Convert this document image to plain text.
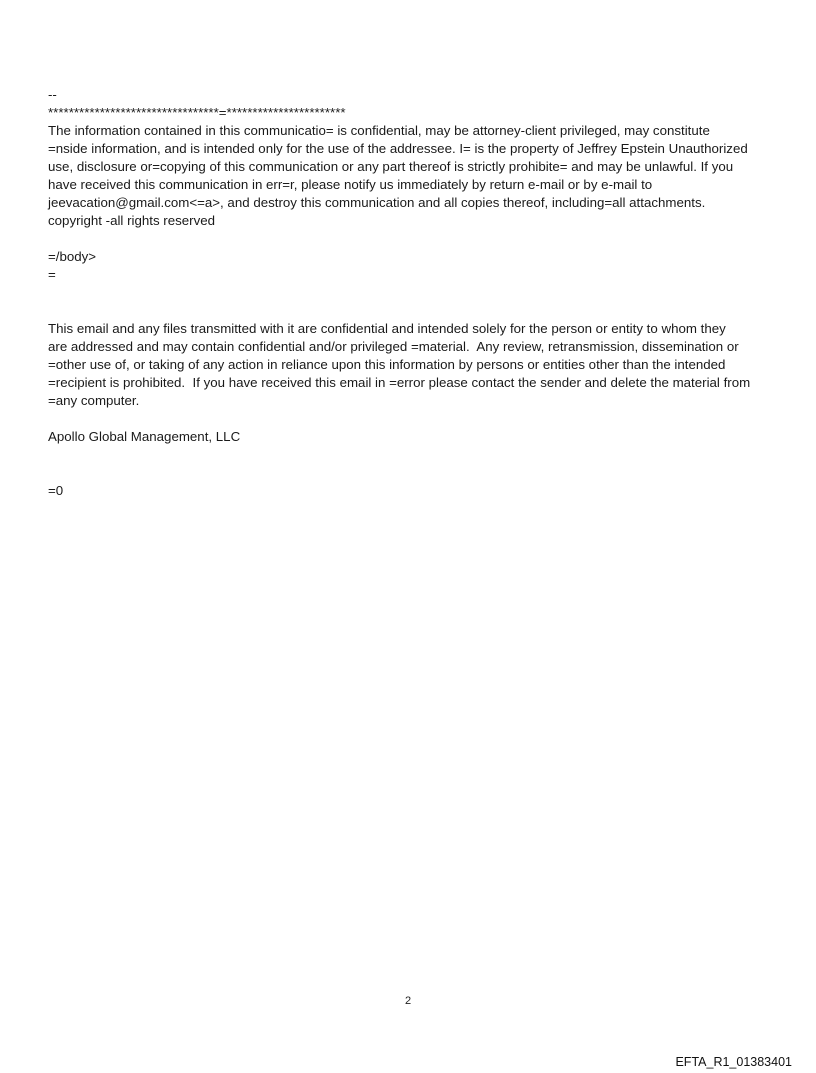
--
*********************************=***********************
The information contained in this communicatio= is confidential, may be attorney-client privileged, may constitute
=nside information, and is intended only for the use of the addressee. I= is the property of Jeffrey Epstein Unauthorized
use, disclosure or=copying of this communication or any part thereof is strictly prohibite= and may be unlawful. If you
have received this communication in err=r, please notify us immediately by return e-mail or by e-mail to
jeevacation@gmail.com<=a>, and destroy this communication and all copies thereof, including=all attachments.
copyright -all rights reserved
=/body>
=
This email and any files transmitted with it are confidential and intended solely for the person or entity to whom they
are addressed and may contain confidential and/or privileged =material.  Any review, retransmission, dissemination or
=other use of, or taking of any action in reliance upon this information by persons or entities other than the intended
=recipient is prohibited.  If you have received this email in =error please contact the sender and delete the material from
=any computer.
Apollo Global Management, LLC
=0
2
EFTA_R1_01383401
